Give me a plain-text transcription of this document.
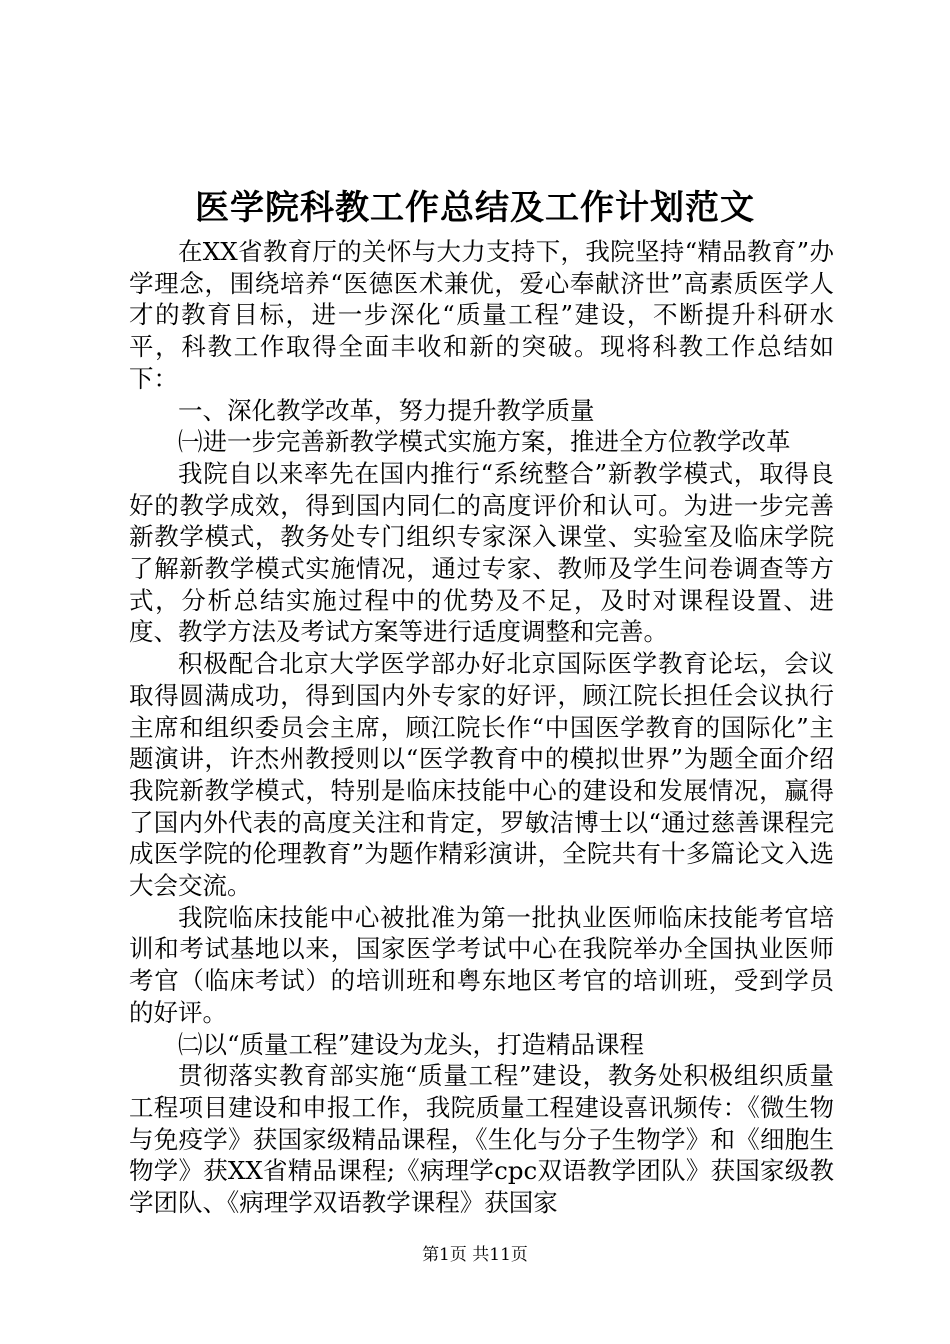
医学院科教工作总结及工作计划范文

在XX省教育厅的关怀与大力支持下，我院坚持“精品教育”办学理念，围绕培养“医德医术兼优，爱心奉献济世”高素质医学人才的教育目标，进一步深化“质量工程”建设，不断提升科研水平，科教工作取得全面丰收和新的突破。现将科教工作总结如下：

一、深化教学改革，努力提升教学质量

㈠进一步完善新教学模式实施方案，推进全方位教学改革

我院自以来率先在国内推行“系统整合”新教学模式，取得良好的教学成效，得到国内同仁的高度评价和认可。为进一步完善新教学模式，教务处专门组织专家深入课堂、实验室及临床学院了解新教学模式实施情况，通过专家、教师及学生问卷调查等方式，分析总结实施过程中的优势及不足，及时对课程设置、进度、教学方法及考试方案等进行适度调整和完善。

积极配合北京大学医学部办好北京国际医学教育论坛，会议取得圆满成功，得到国内外专家的好评，顾江院长担任会议执行主席和组织委员会主席，顾江院长作“中国医学教育的国际化”主题演讲，许杰州教授则以“医学教育中的模拟世界”为题全面介绍我院新教学模式，特别是临床技能中心的建设和发展情况，赢得了国内外代表的高度关注和肯定，罗敏洁博士以“通过慈善课程完成医学院的伦理教育”为题作精彩演讲，全院共有十多篇论文入选大会交流。

我院临床技能中心被批准为第一批执业医师临床技能考官培训和考试基地以来，国家医学考试中心在我院举办全国执业医师考官（临床考试）的培训班和粤东地区考官的培训班，受到学员的好评。

㈡以“质量工程”建设为龙头，打造精品课程

贯彻落实教育部实施“质量工程”建设，教务处积极组织质量工程项目建设和申报工作，我院质量工程建设喜讯频传：《微生物与免疫学》获国家级精品课程，《生化与分子生物学》和《细胞生物学》获XX省精品课程;《病理学cpc双语教学团队》获国家级教学团队、《病理学双语教学课程》获国家

第1页 共11页
